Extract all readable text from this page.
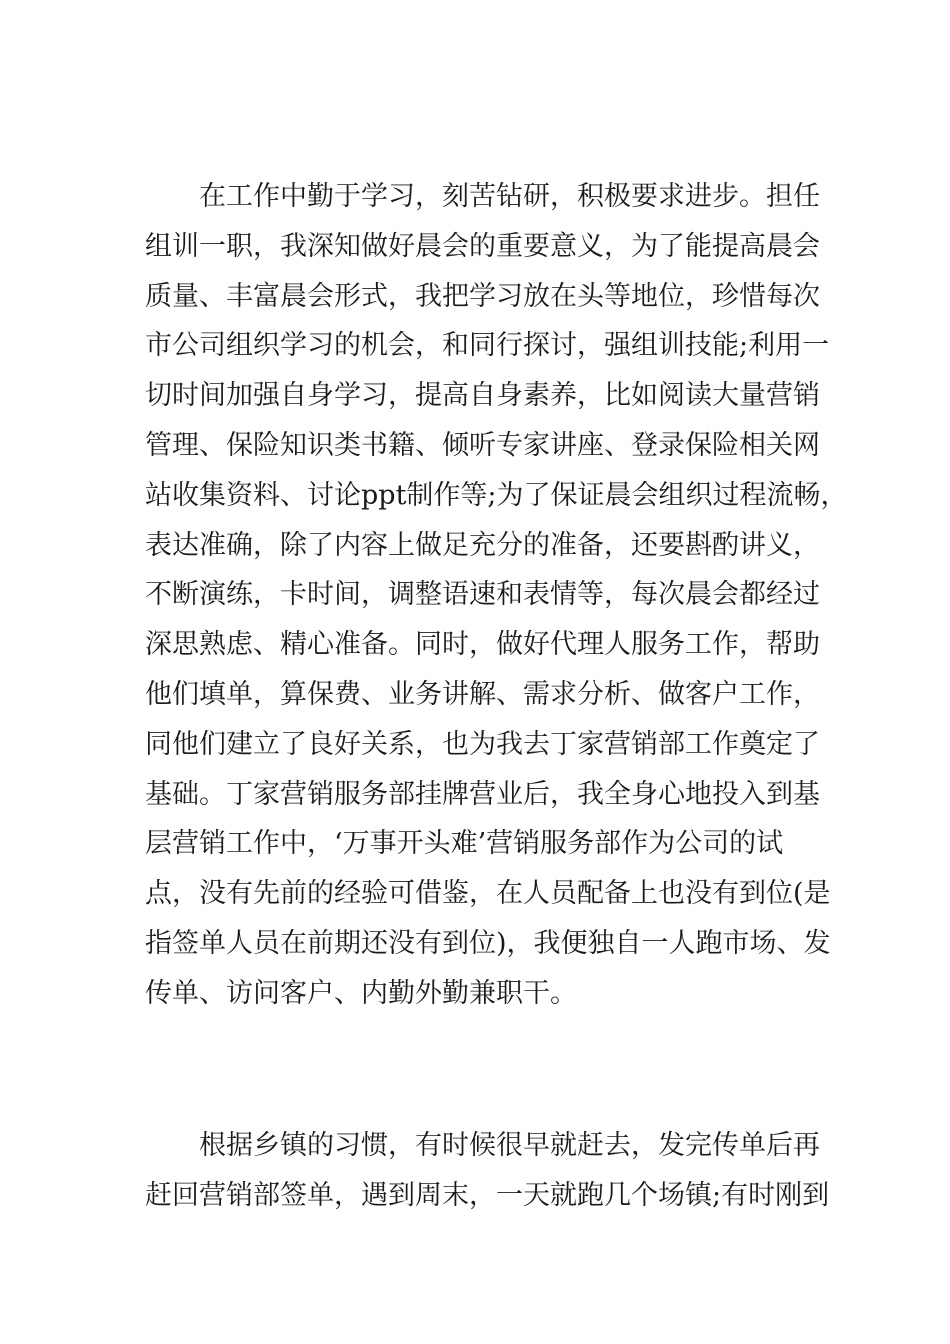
在工作中勤于学习，刻苦钻研，积极要求进步。担任
组训一职，我深知做好晨会的重要意义，为了能提高晨会
质量、丰富晨会形式，我把学习放在头等地位，珍惜每次
市公司组织学习的机会，和同行探讨，强组训技能;利用一
切时间加强自身学习，提高自身素养，比如阅读大量营销
管理、保险知识类书籍、倾听专家讲座、登录保险相关网
站收集资料、讨论ppt制作等;为了保证晨会组织过程流畅，
表达准确，除了内容上做足充分的准备，还要斟酌讲义，
不断演练，卡时间，调整语速和表情等，每次晨会都经过
深思熟虑、精心准备。同时，做好代理人服务工作，帮助
他们填单，算保费、业务讲解、需求分析、做客户工作，
同他们建立了良好关系，也为我去丁家营销部工作奠定了
基础。丁家营销服务部挂牌营业后，我全身心地投入到基
层营销工作中，‘万事开头难’营销服务部作为公司的试
点，没有先前的经验可借鉴，在人员配备上也没有到位(是
指签单人员在前期还没有到位)，我便独自一人跑市场、发
传单、访问客户、内勤外勤兼职干。

根据乡镇的习惯，有时候很早就赶去，发完传单后再
赶回营销部签单，遇到周末，一天就跑几个场镇;有时刚到
